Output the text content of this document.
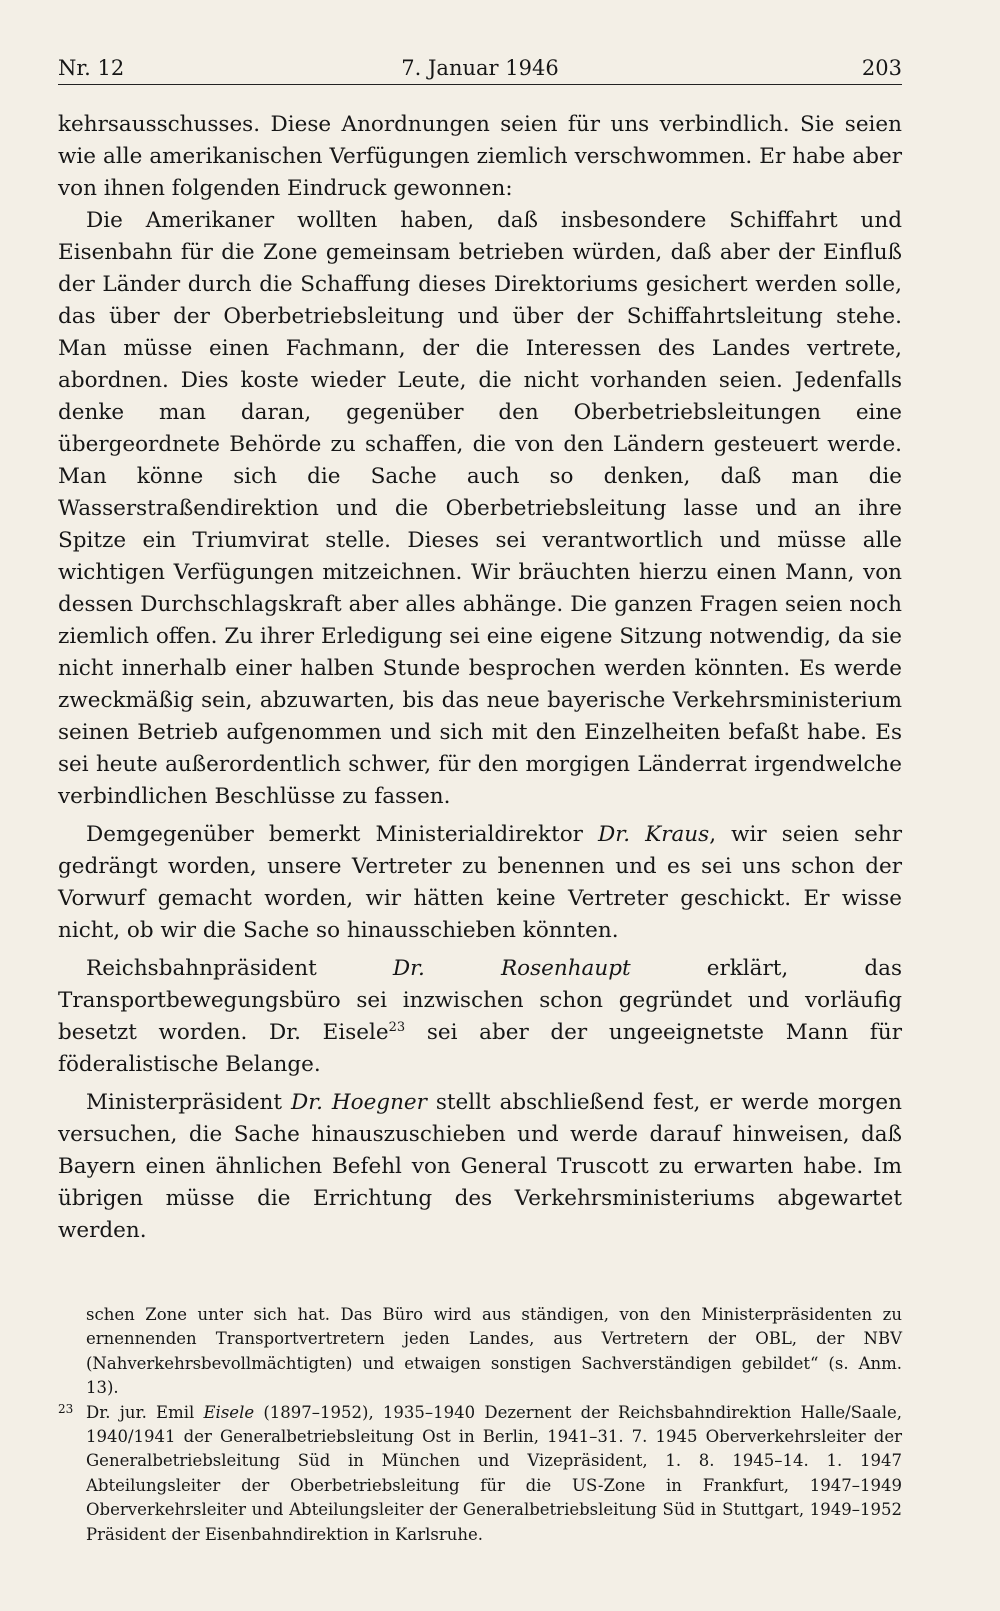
Nr. 12	7. Januar 1946	203

kehrsausschusses. Diese Anordnungen seien für uns verbindlich. Sie seien wie alle amerikanischen Verfügungen ziemlich verschwommen. Er habe aber von ihnen folgenden Eindruck gewonnen:

Die Amerikaner wollten haben, daß insbesondere Schiffahrt und Eisenbahn für die Zone gemeinsam betrieben würden, daß aber der Einfluß der Länder durch die Schaffung dieses Direktoriums gesichert werden solle, das über der Oberbetriebsleitung und über der Schiffahrtsleitung stehe. Man müsse einen Fachmann, der die Interessen des Landes vertrete, abordnen. Dies koste wieder Leute, die nicht vorhanden seien. Jedenfalls denke man daran, gegenüber den Oberbetriebsleitungen eine übergeordnete Behörde zu schaffen, die von den Ländern gesteuert werde. Man könne sich die Sache auch so denken, daß man die Wasserstraßendirektion und die Oberbetriebsleitung lasse und an ihre Spitze ein Triumvirat stelle. Dieses sei verantwortlich und müsse alle wichtigen Verfügungen mitzeichnen. Wir bräuchten hierzu einen Mann, von dessen Durchschlagskraft aber alles abhänge. Die ganzen Fragen seien noch ziemlich offen. Zu ihrer Erledigung sei eine eigene Sitzung notwendig, da sie nicht innerhalb einer halben Stunde besprochen werden könnten. Es werde zweckmäßig sein, abzuwarten, bis das neue bayerische Verkehrsministerium seinen Betrieb aufgenommen und sich mit den Einzelheiten befaßt habe. Es sei heute außerordentlich schwer, für den morgigen Länderrat irgendwelche verbindlichen Beschlüsse zu fassen.

Demgegenüber bemerkt Ministerialdirektor Dr. Kraus, wir seien sehr gedrängt worden, unsere Vertreter zu benennen und es sei uns schon der Vorwurf gemacht worden, wir hätten keine Vertreter geschickt. Er wisse nicht, ob wir die Sache so hinausschieben könnten.

Reichsbahnpräsident Dr. Rosenhaupt erklärt, das Transportbewegungsbüro sei inzwischen schon gegründet und vorläufig besetzt worden. Dr. Eisele$^{23}$ sei aber der ungeeignetste Mann für föderalistische Belange.

Ministerpräsident Dr. Hoegner stellt abschließend fest, er werde morgen versuchen, die Sache hinauszuschieben und werde darauf hinweisen, daß Bayern einen ähnlichen Befehl von General Truscott zu erwarten habe. Im übrigen müsse die Errichtung des Verkehrsministeriums abgewartet werden.

schen Zone unter sich hat. Das Büro wird aus ständigen, von den Ministerpräsidenten zu ernennenden Transportvertretern jeden Landes, aus Vertretern der OBL, der NBV (Nahverkehrsbevollmächtigten) und etwaigen sonstigen Sachverständigen gebildet“ (s. Anm. 13).

23 Dr. jur. Emil Eisele (1897–1952), 1935–1940 Dezernent der Reichsbahndirektion Halle/Saale, 1940/1941 der Generalbetriebsleitung Ost in Berlin, 1941–31. 7. 1945 Oberverkehrsleiter der Generalbetriebsleitung Süd in München und Vizepräsident, 1. 8. 1945–14. 1. 1947 Abteilungsleiter der Oberbetriebsleitung für die US-Zone in Frankfurt, 1947–1949 Oberverkehrsleiter und Abteilungsleiter der Generalbetriebsleitung Süd in Stuttgart, 1949–1952 Präsident der Eisenbahndirektion in Karlsruhe.
